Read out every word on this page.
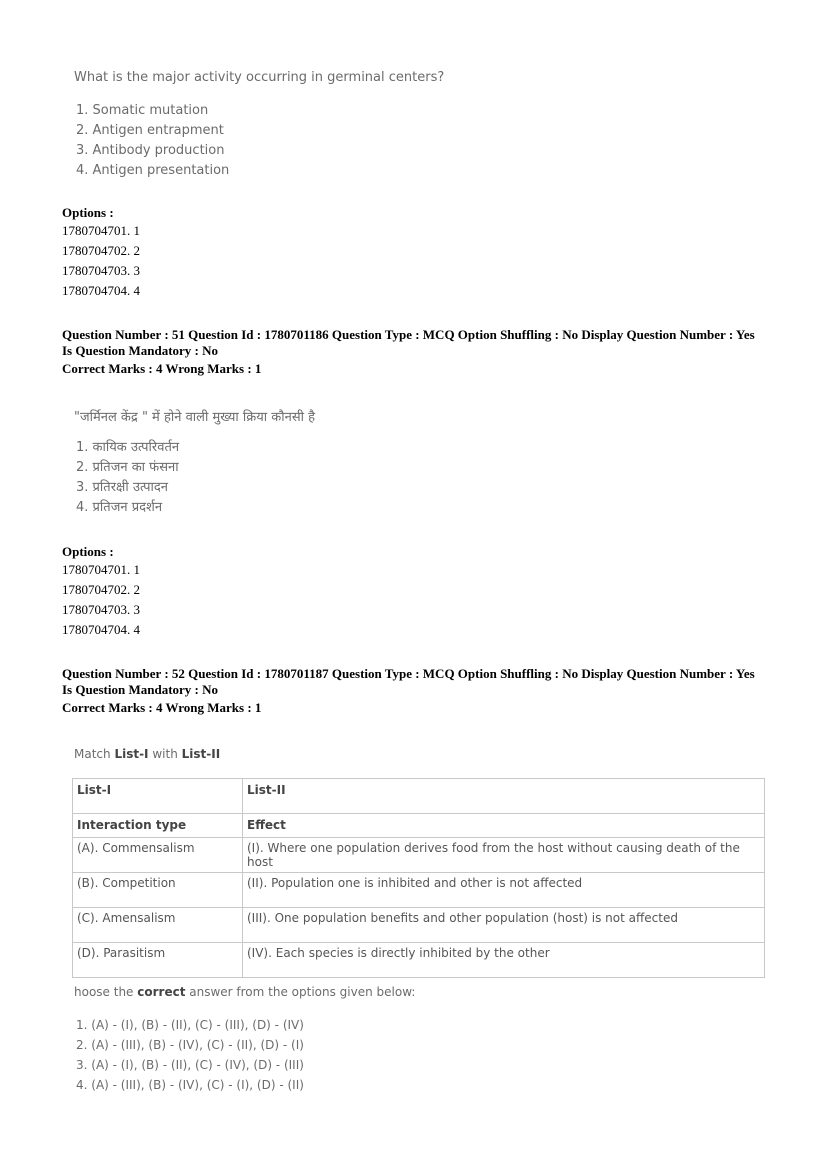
What is the major activity occurring in germinal centers?
1. Somatic mutation
2. Antigen entrapment
3. Antibody production
4. Antigen presentation
Options :
1780704701. 1
1780704702. 2
1780704703. 3
1780704704. 4
Question Number : 51 Question Id : 1780701186 Question Type : MCQ Option Shuffling : No Display Question Number : Yes
Is Question Mandatory : No
Correct Marks : 4 Wrong Marks : 1
"जर्मिनल केंद्र " में होने वाली मुख्या क्रिया कौनसी है
1. कायिक उत्परिवर्तन
2. प्रतिजन का फंसना
3. प्रतिरक्षी उत्पादन
4. प्रतिजन प्रदर्शन
Options :
1780704701. 1
1780704702. 2
1780704703. 3
1780704704. 4
Question Number : 52 Question Id : 1780701187 Question Type : MCQ Option Shuffling : No Display Question Number : Yes
Is Question Mandatory : No
Correct Marks : 4 Wrong Marks : 1
Match List-I with List-II
List-I	List-II
Interaction type	Effect
(A). Commensalism	(I). Where one population derives food from the host without causing death of the host
(B). Competition	(II). Population one is inhibited and other is not affected
(C). Amensalism	(III). One population benefits and other population (host) is not affected
(D). Parasitism	(IV). Each species is directly inhibited by the other
hoose the correct answer from the options given below:
1. (A) - (I), (B) - (II), (C) - (III), (D) - (IV)
2. (A) - (III), (B) - (IV), (C) - (II), (D) - (I)
3. (A) - (I), (B) - (II), (C) - (IV), (D) - (III)
4. (A) - (III), (B) - (IV), (C) - (I), (D) - (II)
